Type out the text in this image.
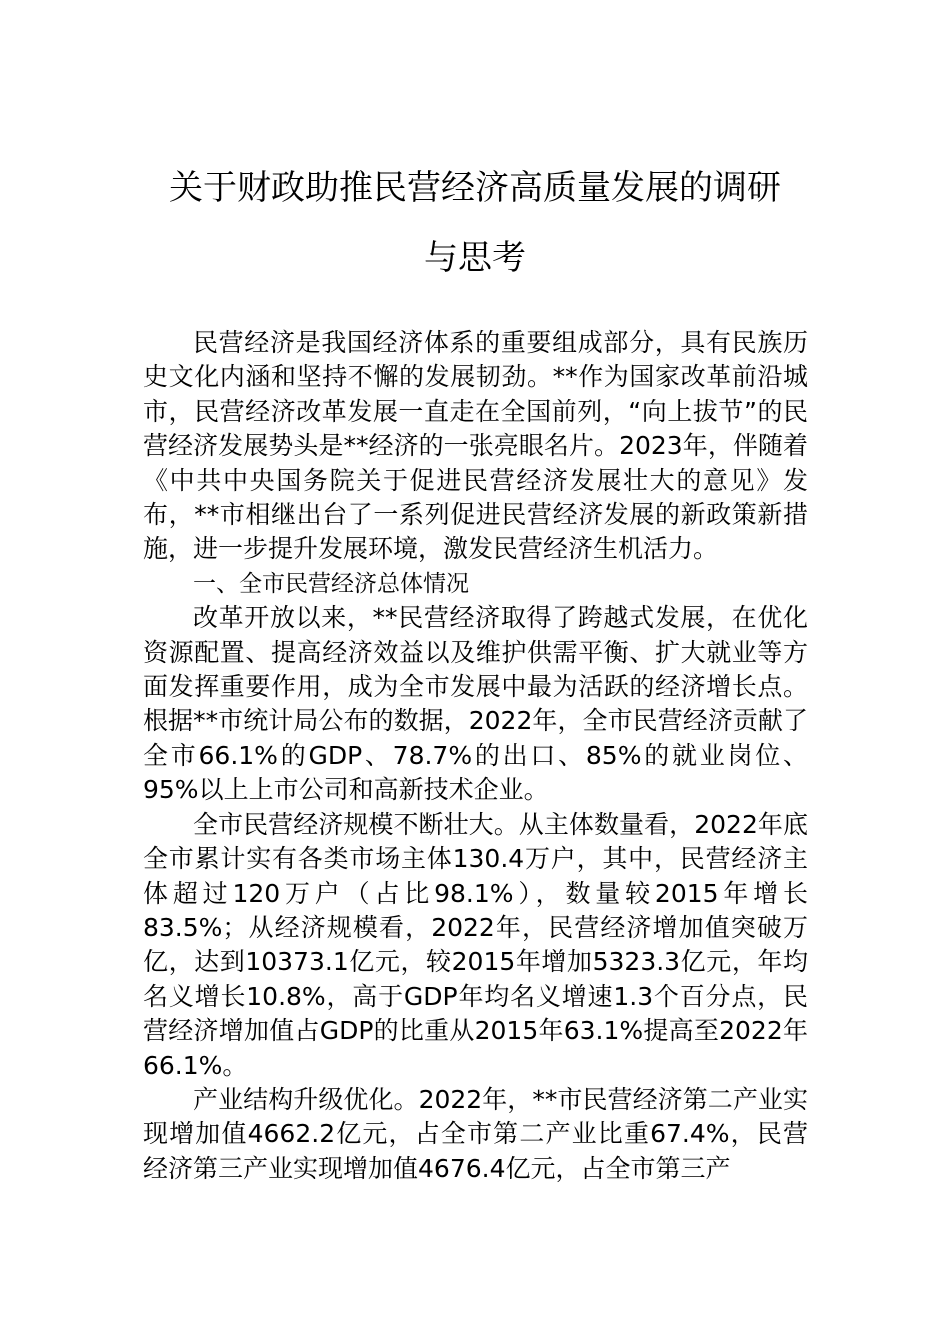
关于财政助推民营经济高质量发展的调研
与思考

民营经济是我国经济体系的重要组成部分，具有民族历史文化内涵和坚持不懈的发展韧劲。**作为国家改革前沿城市，民营经济改革发展一直走在全国前列，“向上拔节”的民营经济发展势头是**经济的一张亮眼名片。2023年，伴随着《中共中央国务院关于促进民营经济发展壮大的意见》发布，**市相继出台了一系列促进民营经济发展的新政策新措施，进一步提升发展环境，激发民营经济生机活力。

一、全市民营经济总体情况

改革开放以来，**民营经济取得了跨越式发展，在优化资源配置、提高经济效益以及维护供需平衡、扩大就业等方面发挥重要作用，成为全市发展中最为活跃的经济增长点。根据**市统计局公布的数据，2022年，全市民营经济贡献了全市66.1%的GDP、78.7%的出口、85%的就业岗位、95%以上上市公司和高新技术企业。

全市民营经济规模不断壮大。从主体数量看，2022年底全市累计实有各类市场主体130.4万户，其中，民营经济主体超过120万户（占比98.1%），数量较2015年增长83.5%；从经济规模看，2022年，民营经济增加值突破万亿，达到10373.1亿元，较2015年增加5323.3亿元，年均名义增长10.8%，高于GDP年均名义增速1.3个百分点，民营经济增加值占GDP的比重从2015年63.1%提高至2022年66.1%。

产业结构升级优化。2022年，**市民营经济第二产业实现增加值4662.2亿元，占全市第二产业比重67.4%，民营经济第三产业实现增加值4676.4亿元，占全市第三产
